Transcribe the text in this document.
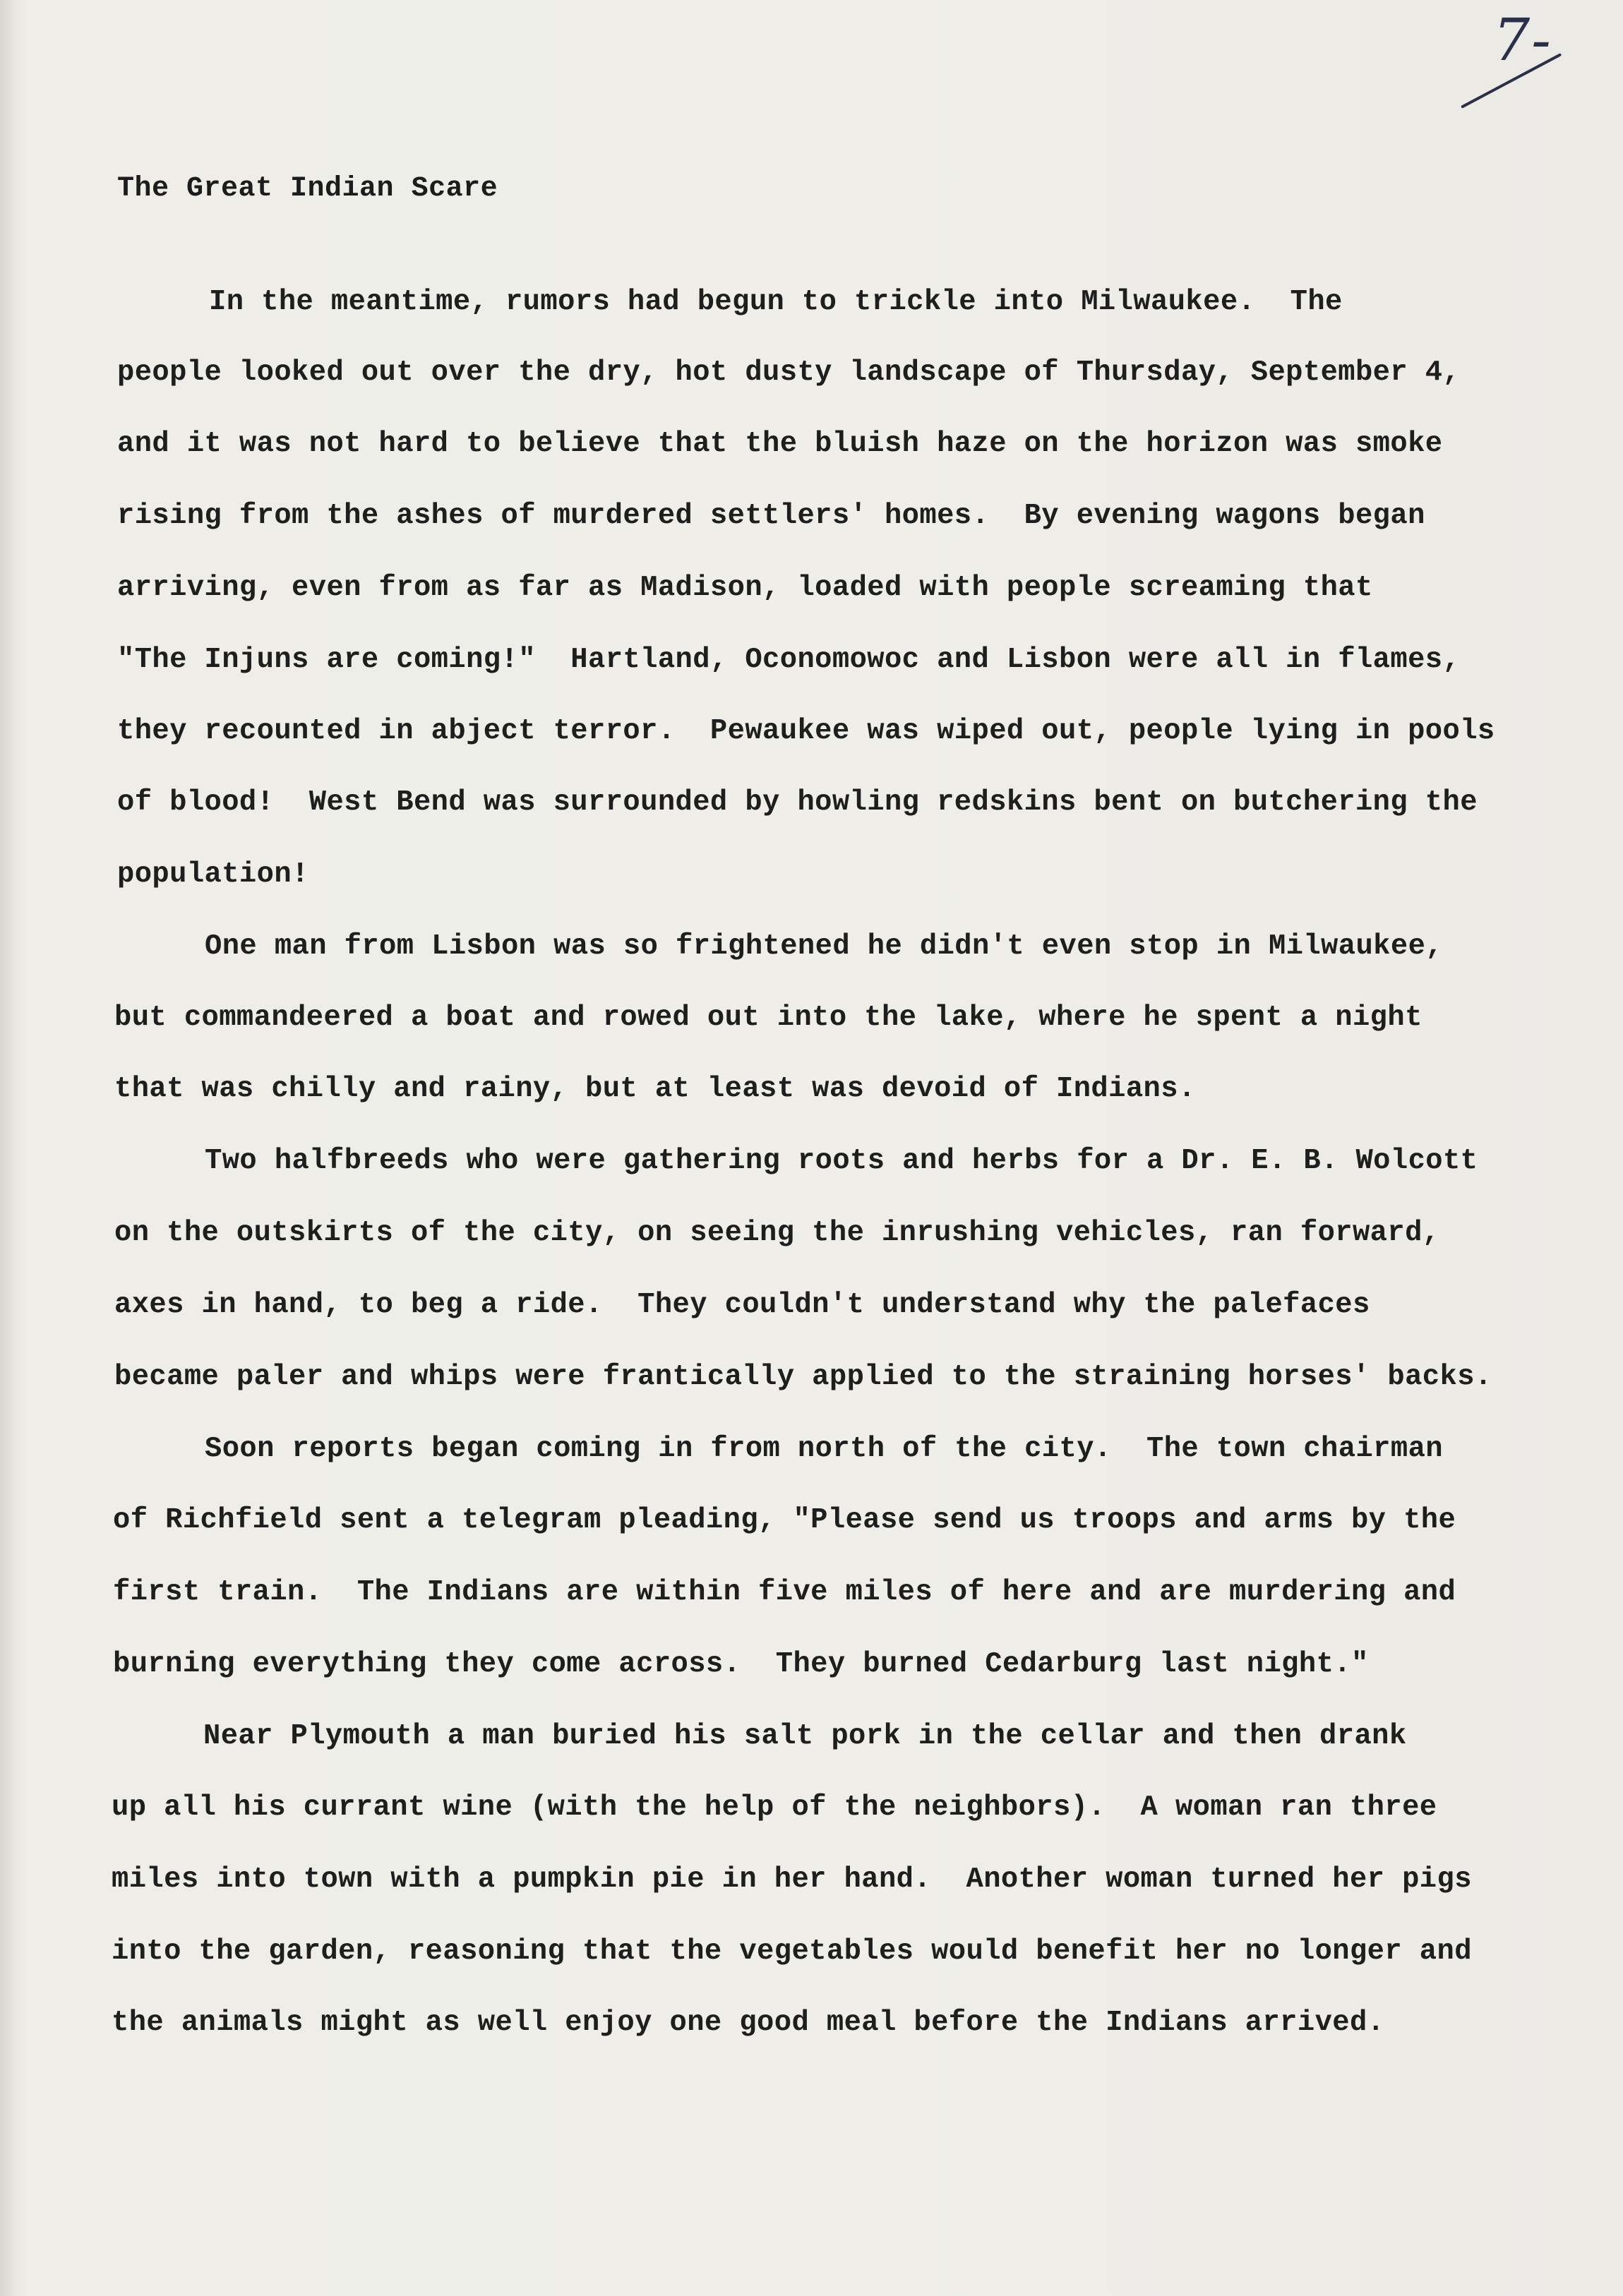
7-
The Great Indian Scare
In the meantime, rumors had begun to trickle into Milwaukee.  The
people looked out over the dry, hot dusty landscape of Thursday, September 4,
and it was not hard to believe that the bluish haze on the horizon was smoke
rising from the ashes of murdered settlers' homes.  By evening wagons began
arriving, even from as far as Madison, loaded with people screaming that
"The Injuns are coming!"  Hartland, Oconomowoc and Lisbon were all in flames,
they recounted in abject terror.  Pewaukee was wiped out, people lying in pools
of blood!  West Bend was surrounded by howling redskins bent on butchering the
population!
One man from Lisbon was so frightened he didn't even stop in Milwaukee,
but commandeered a boat and rowed out into the lake, where he spent a night
that was chilly and rainy, but at least was devoid of Indians.
Two halfbreeds who were gathering roots and herbs for a Dr. E. B. Wolcott
on the outskirts of the city, on seeing the inrushing vehicles, ran forward,
axes in hand, to beg a ride.  They couldn't understand why the palefaces
became paler and whips were frantically applied to the straining horses' backs.
Soon reports began coming in from north of the city.  The town chairman
of Richfield sent a telegram pleading, "Please send us troops and arms by the
first train.  The Indians are within five miles of here and are murdering and
burning everything they come across.  They burned Cedarburg last night."
Near Plymouth a man buried his salt pork in the cellar and then drank
up all his currant wine (with the help of the neighbors).  A woman ran three
miles into town with a pumpkin pie in her hand.  Another woman turned her pigs
into the garden, reasoning that the vegetables would benefit her no longer and
the animals might as well enjoy one good meal before the Indians arrived.
